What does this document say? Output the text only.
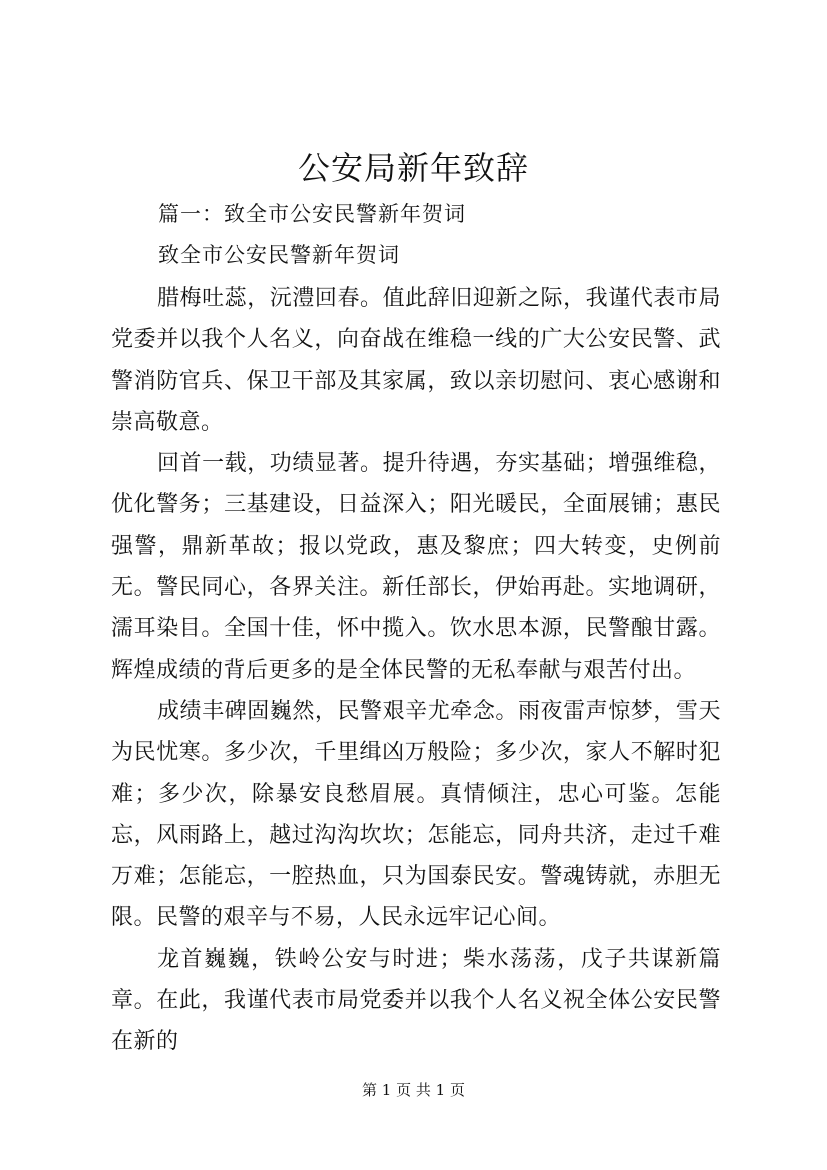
公安局新年致辞

篇一：致全市公安民警新年贺词

致全市公安民警新年贺词

腊梅吐蕊，沅澧回春。值此辞旧迎新之际，我谨代表市局党委并以我个人名义，向奋战在维稳一线的广大公安民警、武警消防官兵、保卫干部及其家属，致以亲切慰问、衷心感谢和崇高敬意。

回首一载，功绩显著。提升待遇，夯实基础；增强维稳，优化警务；三基建设，日益深入；阳光暖民，全面展铺；惠民强警，鼎新革故；报以党政，惠及黎庶；四大转变，史例前无。警民同心，各界关注。新任部长，伊始再赴。实地调研，濡耳染目。全国十佳，怀中揽入。饮水思本源，民警酿甘露。辉煌成绩的背后更多的是全体民警的无私奉献与艰苦付出。

成绩丰碑固巍然，民警艰辛尤牵念。雨夜雷声惊梦，雪天为民忧寒。多少次，千里缉凶万般险；多少次，家人不解时犯难；多少次，除暴安良愁眉展。真情倾注，忠心可鉴。怎能忘，风雨路上，越过沟沟坎坎；怎能忘，同舟共济，走过千难万难；怎能忘，一腔热血，只为国泰民安。警魂铸就，赤胆无限。民警的艰辛与不易，人民永远牢记心间。

龙首巍巍，铁岭公安与时进；柴水荡荡，戊子共谋新篇章。在此，我谨代表市局党委并以我个人名义祝全体公安民警在新的

第 1 页 共 1 页
